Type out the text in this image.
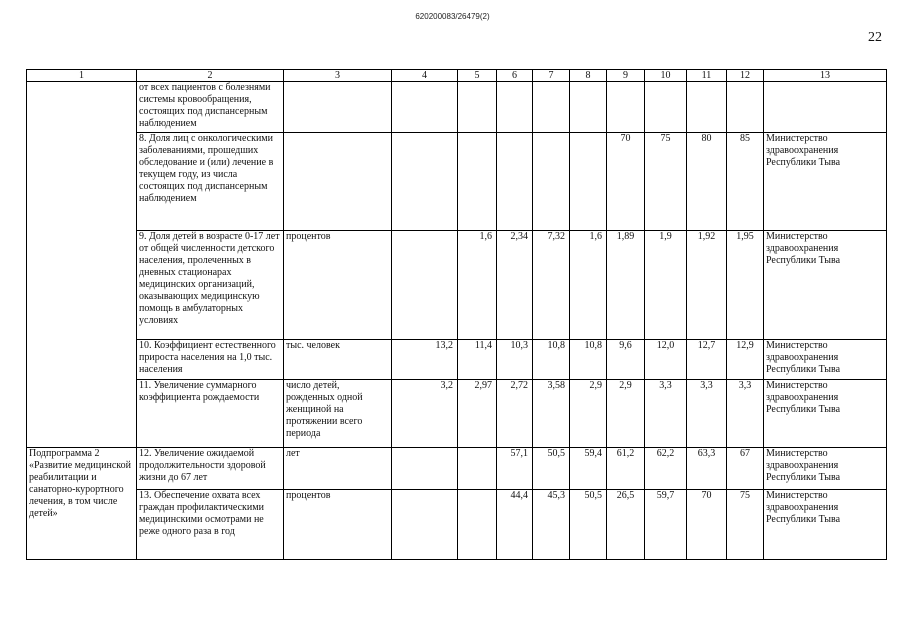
620200083/26479(2)
22
1	2	3	4	5	6	7	8	9	10	11	12	13
	от всех пациентов с болезнями системы кровообращения, состоящих под диспансерным наблюдением											
	8. Доля лиц с онкологическими заболеваниями, прошедших обследование и (или) лечение в текущем году, из числа состоящих под диспансерным наблюдением							70	75	80	85	Министерство здравоохранения Республики Тыва
	9. Доля детей в возрасте 0-17 лет от общей численности детского населения, пролеченных в дневных стационарах медицинских организаций, оказывающих медицинскую помощь в амбулаторных условиях	процентов		1,6	2,34	7,32	1,6	1,89	1,9	1,92	1,95	Министерство здравоохранения Республики Тыва
	10. Коэффициент естественного прироста населения на 1,0 тыс. населения	тыс. человек	13,2	11,4	10,3	10,8	10,8	9,6	12,0	12,7	12,9	Министерство здравоохранения Республики Тыва
	11. Увеличение суммарного коэффициента рождаемости	число детей, рожденных одной женщиной на протяжении всего периода	3,2	2,97	2,72	3,58	2,9	2,9	3,3	3,3	3,3	Министерство здравоохранения Республики Тыва
Подпрограмма 2 «Развитие медицинской реабилитации и санаторно-курортного лечения, в том числе детей»	12. Увеличение ожидаемой продолжительности здоровой жизни до 67 лет	лет			57,1	50,5	59,4	61,2	62,2	63,3	67	Министерство здравоохранения Республики Тыва
	13. Обеспечение охвата всех граждан профилактическими медицинскими осмотрами не реже одного раза в год	процентов			44,4	45,3	50,5	26,5	59,7	70	75	Министерство здравоохранения Республики Тыва
